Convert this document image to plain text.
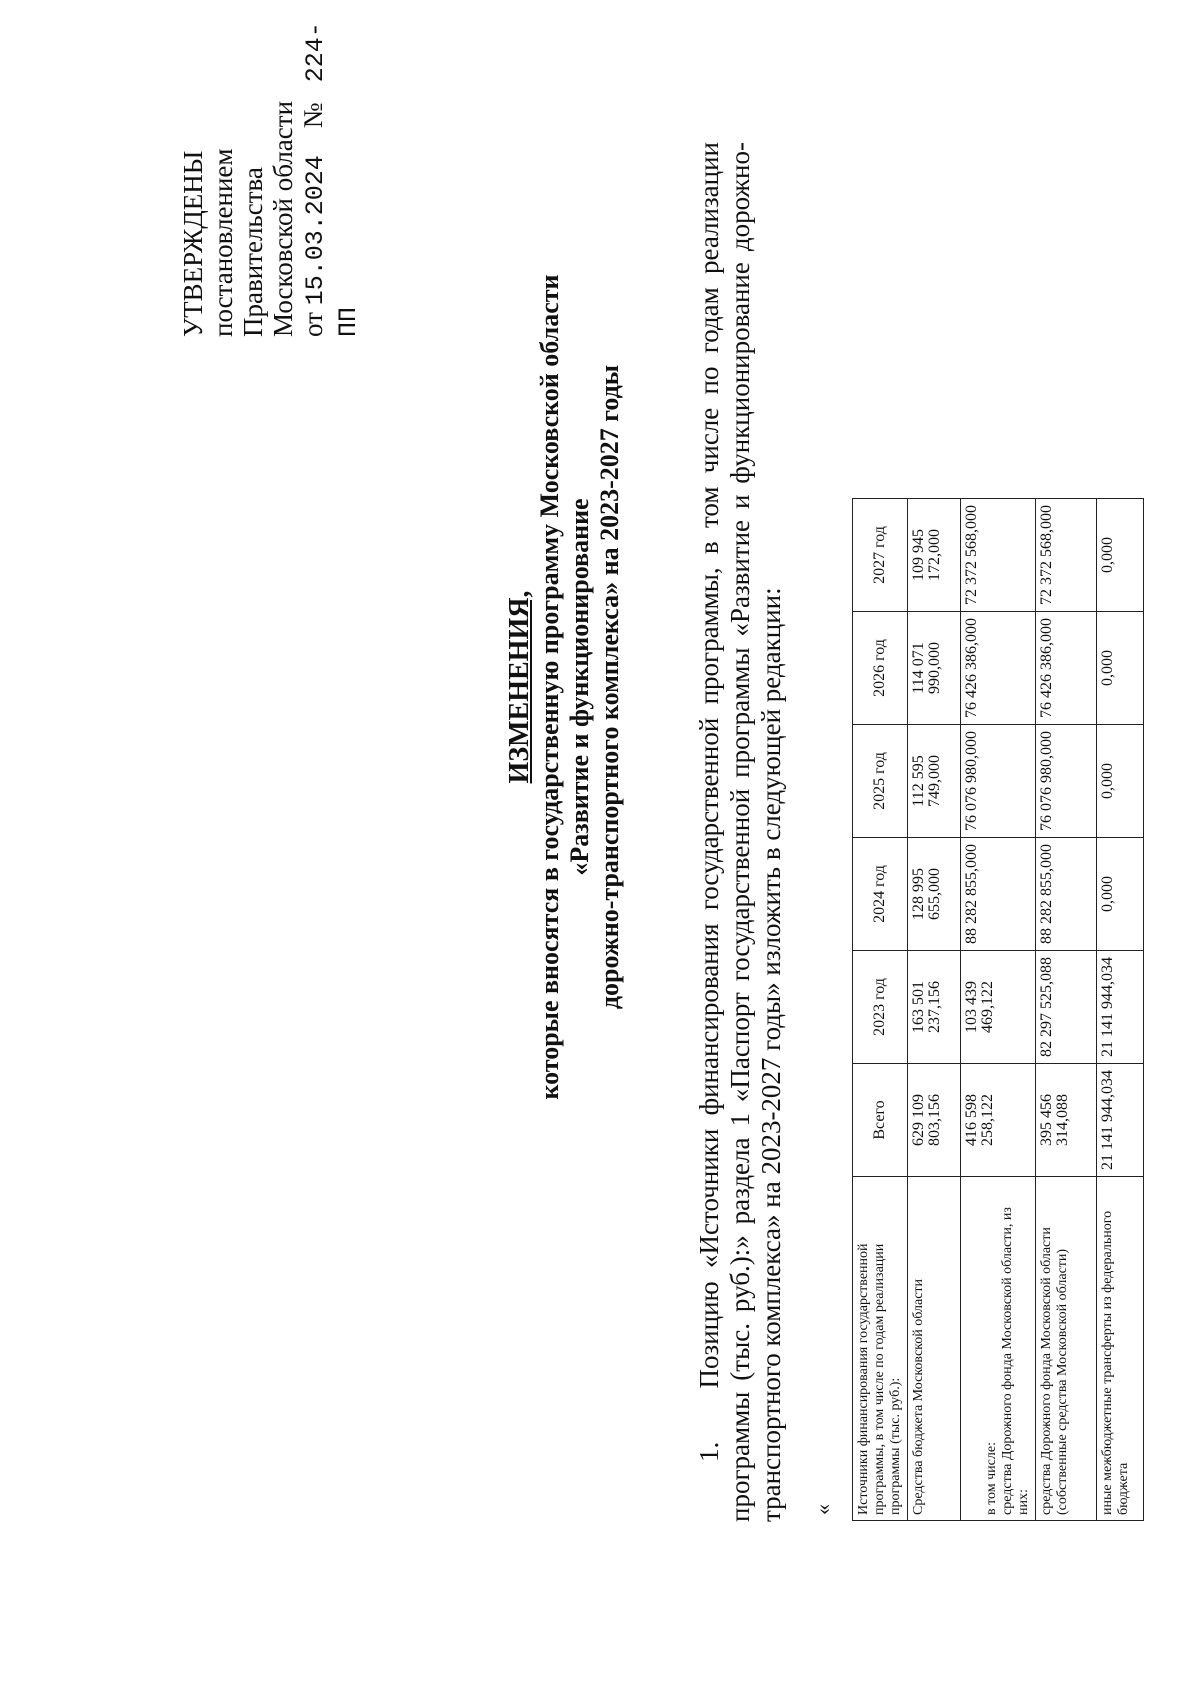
УТВЕРЖДЕНЫ постановлением Правительства Московской области от 15.03.2024    №   224-ПП
ИЗМЕНЕНИЯ, которые вносятся в государственную программу Московской области «Развитие и функционирование дорожно-транспортного комплекса» на 2023-2027 годы
1. Позицию «Источники финансирования государственной программы, в том числе по годам реализации программы (тыс. руб.):» раздела 1 «Паспорт государственной программы «Развитие и функционирование дорожно-транспортного комплекса» на 2023-2027 годы» изложить в следующей редакции: « Источники финансирования государственной программы, в том числе по годам реализации программы (тыс. руб.):	Всего	2023 год	2024 год	2025 год	2026 год	2027 год
Средства бюджета Московской области	629 109 803,156	163 501 237,156	128 995 655,000	112 595 749,000	114 071 990,000	109 945 172,000

в том числе: средства Дорожного фонда Московской области, из них:	416 598 258,122	103 439 469,122	88 282 855,000	76 076 980,000	76 426 386,000	72 372 568,000
средства Дорожного фонда Московской области (собственные средства Московской области)	395 456 314,088	82 297 525,088	88 282 855,000	76 076 980,000	76 426 386,000	72 372 568,000
иные межбюджетные трансферты из федерального бюджета	21 141 944,034	21 141 944,034	0,000	0,000	0,000	0,000
